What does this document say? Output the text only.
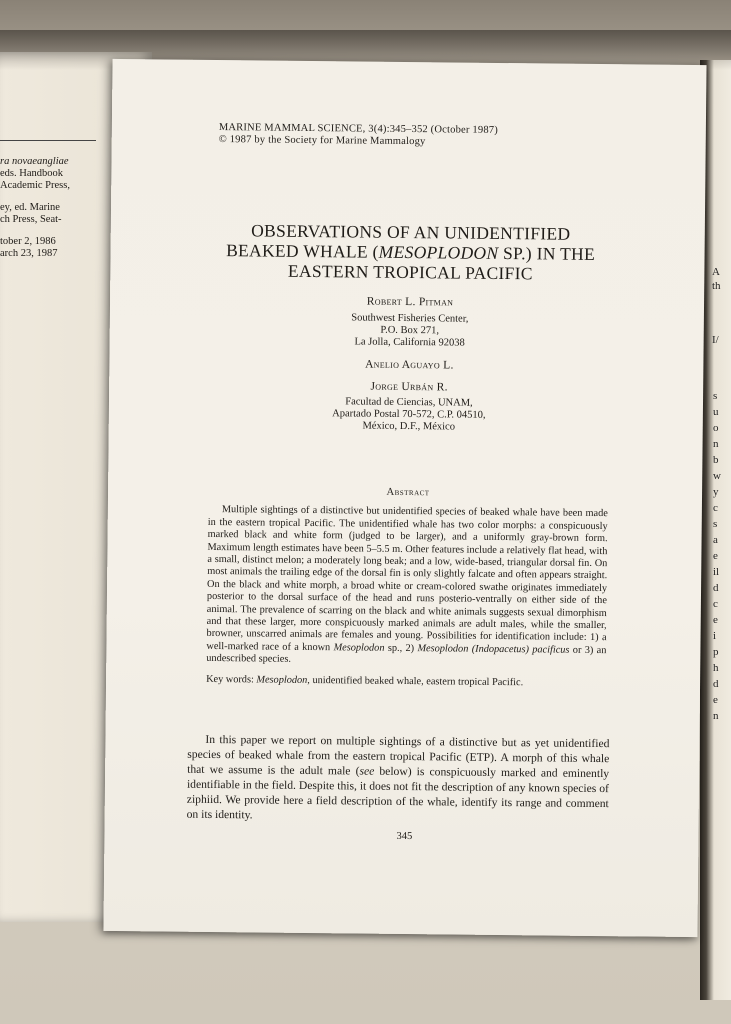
ra novaeangliae

eds. Handbook

Academic Press,

ey, ed. Marine

ch Press, Seat-

tober 2, 1986

arch 23, 1987

A
th
I/
s
u
o
n
b
w
y
c
s
a
e
il
d
c
e
i
p
h
d
e
n
MARINE MAMMAL SCIENCE, 3(4):345–352 (October 1987)
© 1987 by the Society for Marine Mammalogy
OBSERVATIONS OF AN UNIDENTIFIED
BEAKED WHALE (MESOPLODON SP.) IN THE
EASTERN TROPICAL PACIFIC

Robert L. Pitman

Southwest Fisheries Center,

P.O. Box 271,

La Jolla, California 92038

Anelio Aguayo L.

Jorge Urbán R.

Facultad de Ciencias, UNAM,

Apartado Postal 70-572, C.P. 04510,

México, D.F., México

Abstract

Multiple sightings of a distinctive but unidentified species of beaked whale have been made in the eastern tropical Pacific. The unidentified whale has two color morphs: a conspicuously marked black and white form (judged to be larger), and a uniformly gray-brown form. Maximum length estimates have been 5–5.5 m. Other features include a relatively flat head, with a small, distinct melon; a moderately long beak; and a low, wide-based, triangular dorsal fin. On most animals the trailing edge of the dorsal fin is only slightly falcate and often appears straight. On the black and white morph, a broad white or cream-colored swathe originates immediately posterior to the dorsal surface of the head and runs posterio-ventrally on either side of the animal. The prevalence of scarring on the black and white animals suggests sexual dimorphism and that these larger, more conspicuously marked animals are adult males, while the smaller, browner, unscarred animals are females and young. Possibilities for identification include: 1) a well-marked race of a known Mesoplodon sp., 2) Mesoplodon (Indopacetus) pacificus or 3) an undescribed species.

Key words: Mesoplodon, unidentified beaked whale, eastern tropical Pacific.

In this paper we report on multiple sightings of a distinctive but as yet unidentified species of beaked whale from the eastern tropical Pacific (ETP). A morph of this whale that we assume is the adult male (see below) is conspicuously marked and eminently identifiable in the field. Despite this, it does not fit the description of any known species of ziphiid. We provide here a field description of the whale, identify its range and comment on its identity.

345
